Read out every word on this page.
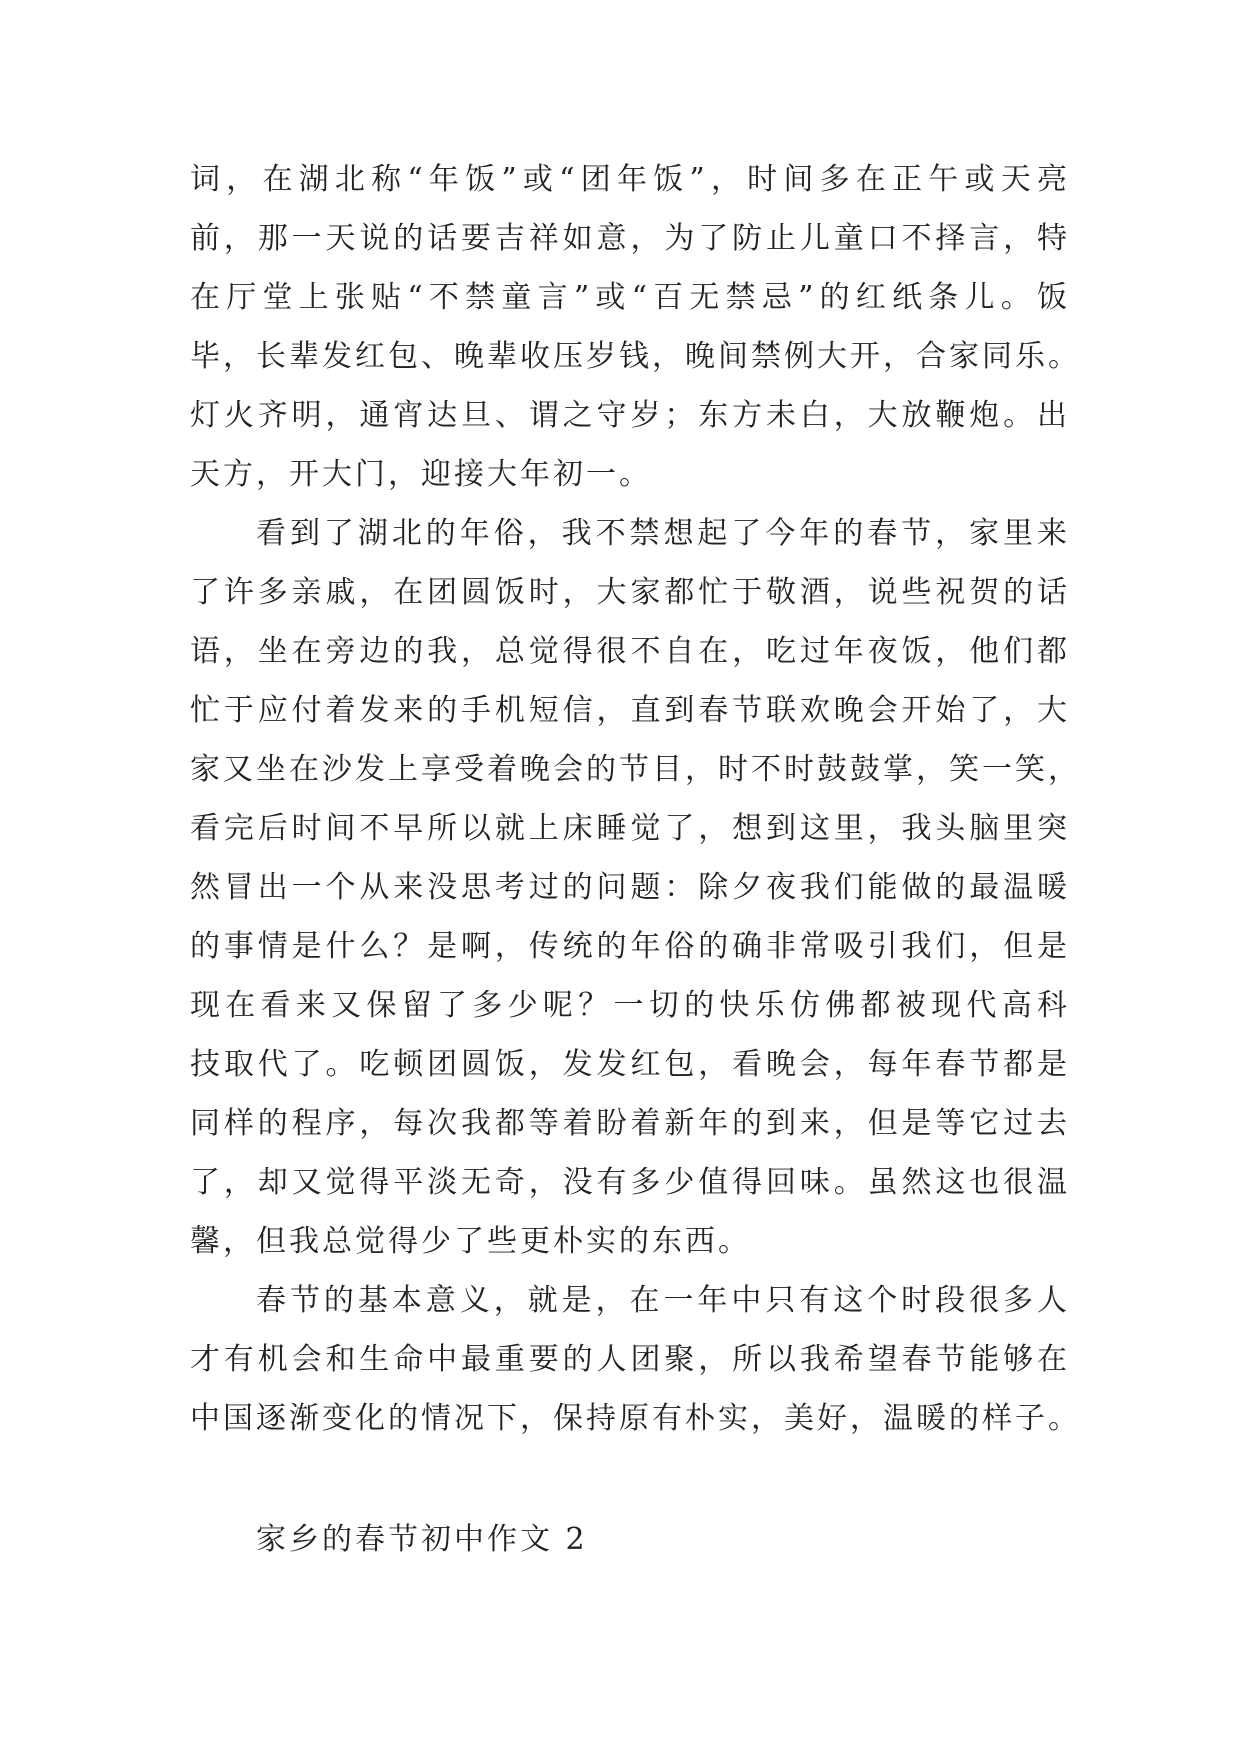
词，在湖北称“年饭”或“团年饭”，时间多在正午或天亮
前，那一天说的话要吉祥如意，为了防止儿童口不择言，特
在厅堂上张贴“不禁童言”或“百无禁忌”的红纸条儿。饭
毕，长辈发红包、晚辈收压岁钱，晚间禁例大开，合家同乐。
灯火齐明，通宵达旦、谓之守岁；东方未白，大放鞭炮。出
天方，开大门，迎接大年初一。
看到了湖北的年俗，我不禁想起了今年的春节，家里来
了许多亲戚，在团圆饭时，大家都忙于敬酒，说些祝贺的话
语，坐在旁边的我，总觉得很不自在，吃过年夜饭，他们都
忙于应付着发来的手机短信，直到春节联欢晚会开始了，大
家又坐在沙发上享受着晚会的节目，时不时鼓鼓掌，笑一笑，
看完后时间不早所以就上床睡觉了，想到这里，我头脑里突
然冒出一个从来没思考过的问题：除夕夜我们能做的最温暖
的事情是什么？是啊，传统的年俗的确非常吸引我们，但是
现在看来又保留了多少呢？一切的快乐仿佛都被现代高科
技取代了。吃顿团圆饭，发发红包，看晚会，每年春节都是
同样的程序，每次我都等着盼着新年的到来，但是等它过去
了，却又觉得平淡无奇，没有多少值得回味。虽然这也很温
馨，但我总觉得少了些更朴实的东西。
春节的基本意义，就是，在一年中只有这个时段很多人
才有机会和生命中最重要的人团聚，所以我希望春节能够在
中国逐渐变化的情况下，保持原有朴实，美好，温暖的样子。
家乡的春节初中作文 2
